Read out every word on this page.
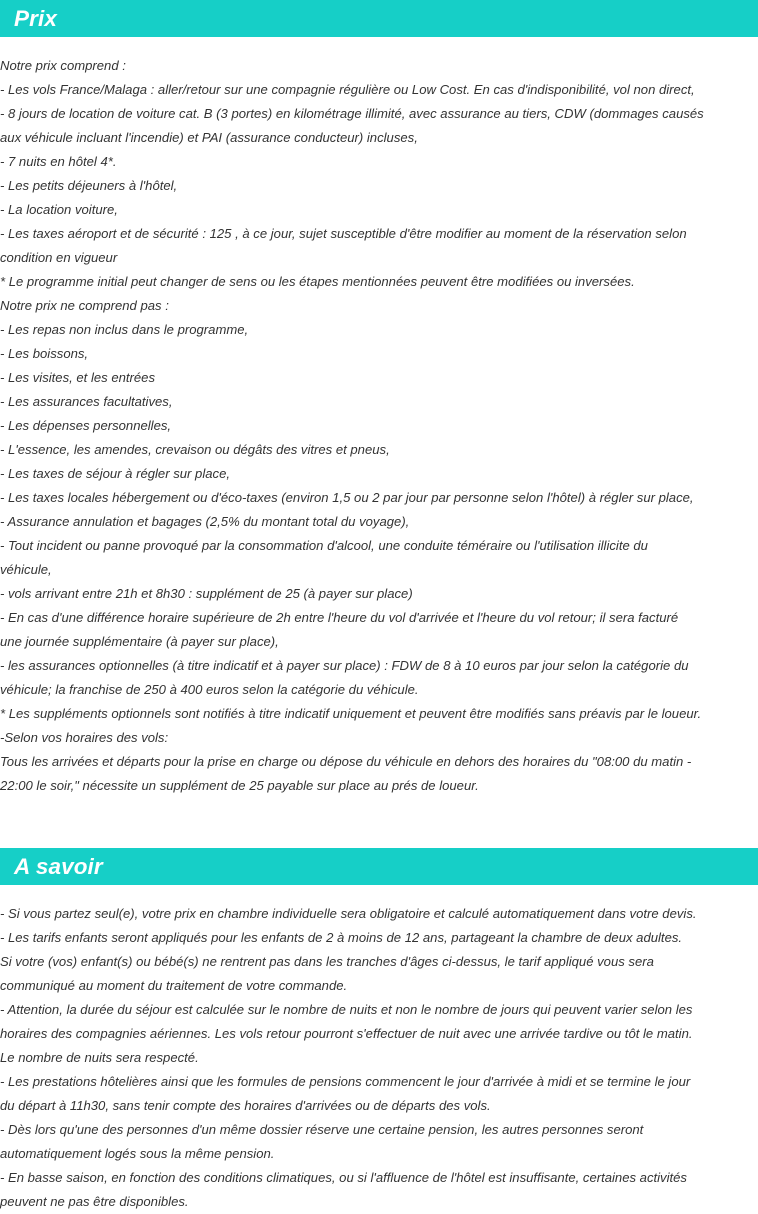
Prix

Notre prix comprend :

- Les vols France/Malaga : aller/retour sur une compagnie régulière ou Low Cost. En cas d'indisponibilité, vol non direct,

- 8 jours de location de voiture cat. B (3 portes) en kilométrage illimité, avec assurance au tiers, CDW (dommages causés

aux véhicule incluant l'incendie) et PAI (assurance conducteur) incluses,

- 7 nuits en hôtel 4*.

- Les petits déjeuners à l'hôtel,

- La location voiture,

- Les taxes aéroport et de sécurité : 125 , à ce jour, sujet susceptible d'être modifier au moment de la réservation selon

condition en vigueur

* Le programme initial peut changer de sens ou les étapes mentionnées peuvent être modifiées ou inversées.

Notre prix ne comprend pas :

- Les repas non inclus dans le programme,

- Les boissons,

- Les visites, et les entrées

- Les assurances facultatives,

- Les dépenses personnelles,

- L'essence, les amendes, crevaison ou dégâts des vitres et pneus,

- Les taxes de séjour à régler sur place,

- Les taxes locales hébergement ou d'éco-taxes (environ 1,5 ou 2 par jour par personne selon l'hôtel) à régler sur place,

- Assurance annulation et bagages (2,5% du montant total du voyage),

- Tout incident ou panne provoqué par la consommation d'alcool, une conduite téméraire ou l'utilisation illicite du

véhicule,

- vols arrivant entre 21h et 8h30 : supplément de 25 (à payer sur place)

- En cas d'une différence horaire supérieure de 2h entre l'heure du vol d'arrivée et l'heure du vol retour; il sera facturé

une journée supplémentaire (à payer sur place),

- les assurances optionnelles (à titre indicatif et à payer sur place) : FDW de 8 à 10 euros par jour selon la catégorie du

véhicule; la franchise de 250 à 400 euros selon la catégorie du véhicule.

* Les suppléments optionnels sont notifiés à titre indicatif uniquement et peuvent être modifiés sans préavis par le loueur.

-Selon vos horaires des vols:

Tous les arrivées et départs pour la prise en charge ou dépose du véhicule en dehors des horaires du "08:00 du matin -

22:00 le soir," nécessite un supplément de 25 payable sur place au prés de loueur.

A savoir

- Si vous partez seul(e), votre prix en chambre individuelle sera obligatoire et calculé automatiquement dans votre devis.

- Les tarifs enfants seront appliqués pour les enfants de 2 à moins de 12 ans, partageant la chambre de deux adultes.

Si votre (vos) enfant(s) ou bébé(s) ne rentrent pas dans les tranches d'âges ci-dessus, le tarif appliqué vous sera

communiqué au moment du traitement de votre commande.

- Attention, la durée du séjour est calculée sur le nombre de nuits et non le nombre de jours qui peuvent varier selon les

horaires des compagnies aériennes. Les vols retour pourront s'effectuer de nuit avec une arrivée tardive ou tôt le matin.

Le nombre de nuits sera respecté.

- Les prestations hôtelières ainsi que les formules de pensions commencent le jour d'arrivée à midi et se termine le jour

du départ à 11h30, sans tenir compte des horaires d'arrivées ou de départs des vols.

- Dès lors qu'une des personnes d'un même dossier réserve une certaine pension, les autres personnes seront

automatiquement logés sous la même pension.

- En basse saison, en fonction des conditions climatiques, ou si l'affluence de l'hôtel est insuffisante, certaines activités

peuvent ne pas être disponibles.
